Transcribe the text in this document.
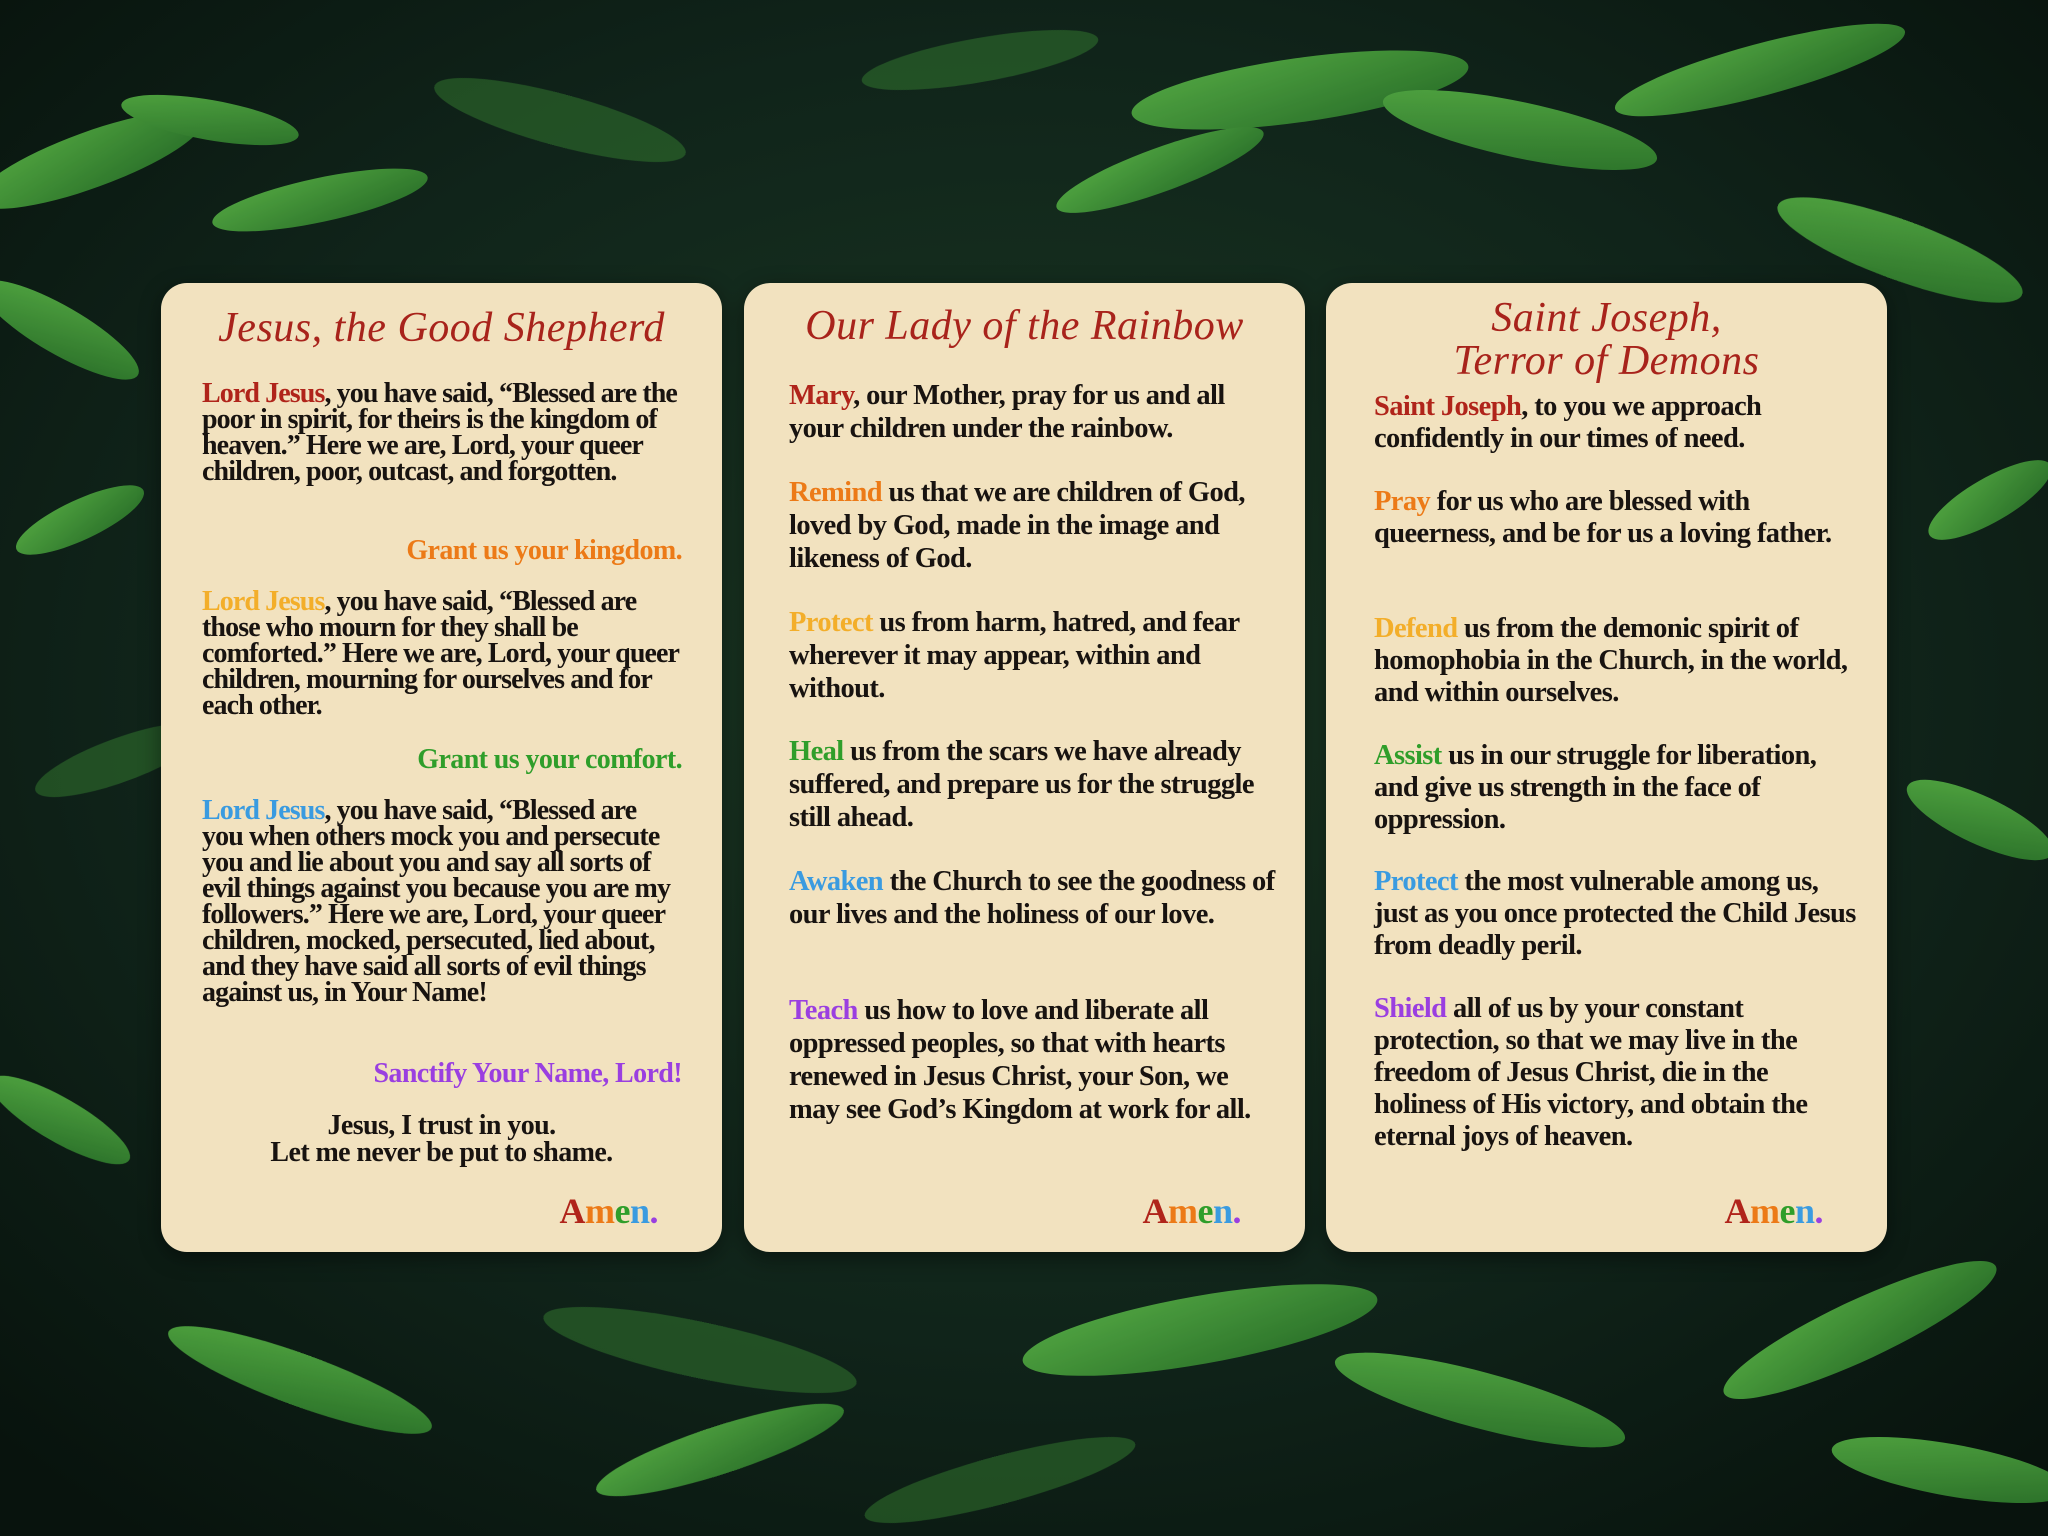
Jesus, the Good Shepherd
Lord Jesus, you have said, “Blessed are the poor in spirit, for theirs is the kingdom of heaven.” Here we are, Lord, your queer children, poor, outcast, and forgotten.
Grant us your kingdom.
Lord Jesus, you have said, “Blessed are those who mourn for they shall be comforted.” Here we are, Lord, your queer children, mourning for ourselves and for each other.
Grant us your comfort.
Lord Jesus, you have said, “Blessed are you when others mock you and persecute you and lie about you and say all sorts of evil things against you because you are my followers.” Here we are, Lord, your queer children, mocked, persecuted, lied about, and they have said all sorts of evil things against us, in Your Name!
Sanctify Your Name, Lord!
Jesus, I trust in you.
Let me never be put to shame.
Amen.
Our Lady of the Rainbow
Mary, our Mother, pray for us and all your children under the rainbow.
Remind us that we are children of God, loved by God, made in the image and likeness of God.
Protect us from harm, hatred, and fear wherever it may appear, within and without.
Heal us from the scars we have already suffered, and prepare us for the struggle still ahead.
Awaken the Church to see the goodness of our lives and the holiness of our love.
Teach us how to love and liberate all oppressed peoples, so that with hearts renewed in Jesus Christ, your Son, we may see God’s Kingdom at work for all.
Amen.
Saint Joseph,
Terror of Demons
Saint Joseph, to you we approach confidently in our times of need.
Pray for us who are blessed with queerness, and be for us a loving father.
Defend us from the demonic spirit of homophobia in the Church, in the world, and within ourselves.
Assist us in our struggle for liberation, and give us strength in the face of oppression.
Protect the most vulnerable among us, just as you once protected the Child Jesus from deadly peril.
Shield all of us by your constant protection, so that we may live in the freedom of Jesus Christ, die in the holiness of His victory, and obtain the eternal joys of heaven.
Amen.
